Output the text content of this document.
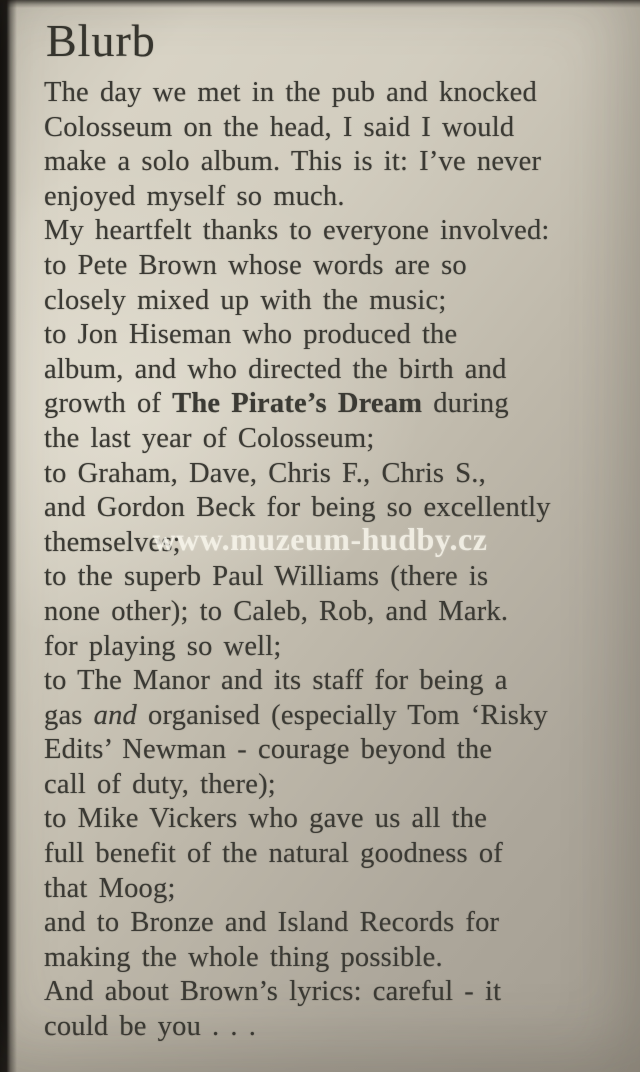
Blurb
The day we met in the pub and knocked
Colosseum on the head, I said I would
make a solo album. This is it: I’ve never
enjoyed myself so much.
My heartfelt thanks to everyone involved:
to Pete Brown whose words are so
closely mixed up with the music;
to Jon Hiseman who produced the
album, and who directed the birth and
growth of The Pirate’s Dream during
the last year of Colosseum;
to Graham, Dave, Chris F., Chris S.,
and Gordon Beck for being so excellently
themselves;
to the superb Paul Williams (there is
none other); to Caleb, Rob, and Mark.
for playing so well;
to The Manor and its staff for being a
gas and organised (especially Tom ‘Risky
Edits’ Newman - courage beyond the
call of duty, there);
to Mike Vickers who gave us all the
full benefit of the natural goodness of
that Moog;
and to Bronze and Island Records for
making the whole thing possible.
And about Brown’s lyrics: careful - it
could be you . . .
www.muzeum-hudby.cz
